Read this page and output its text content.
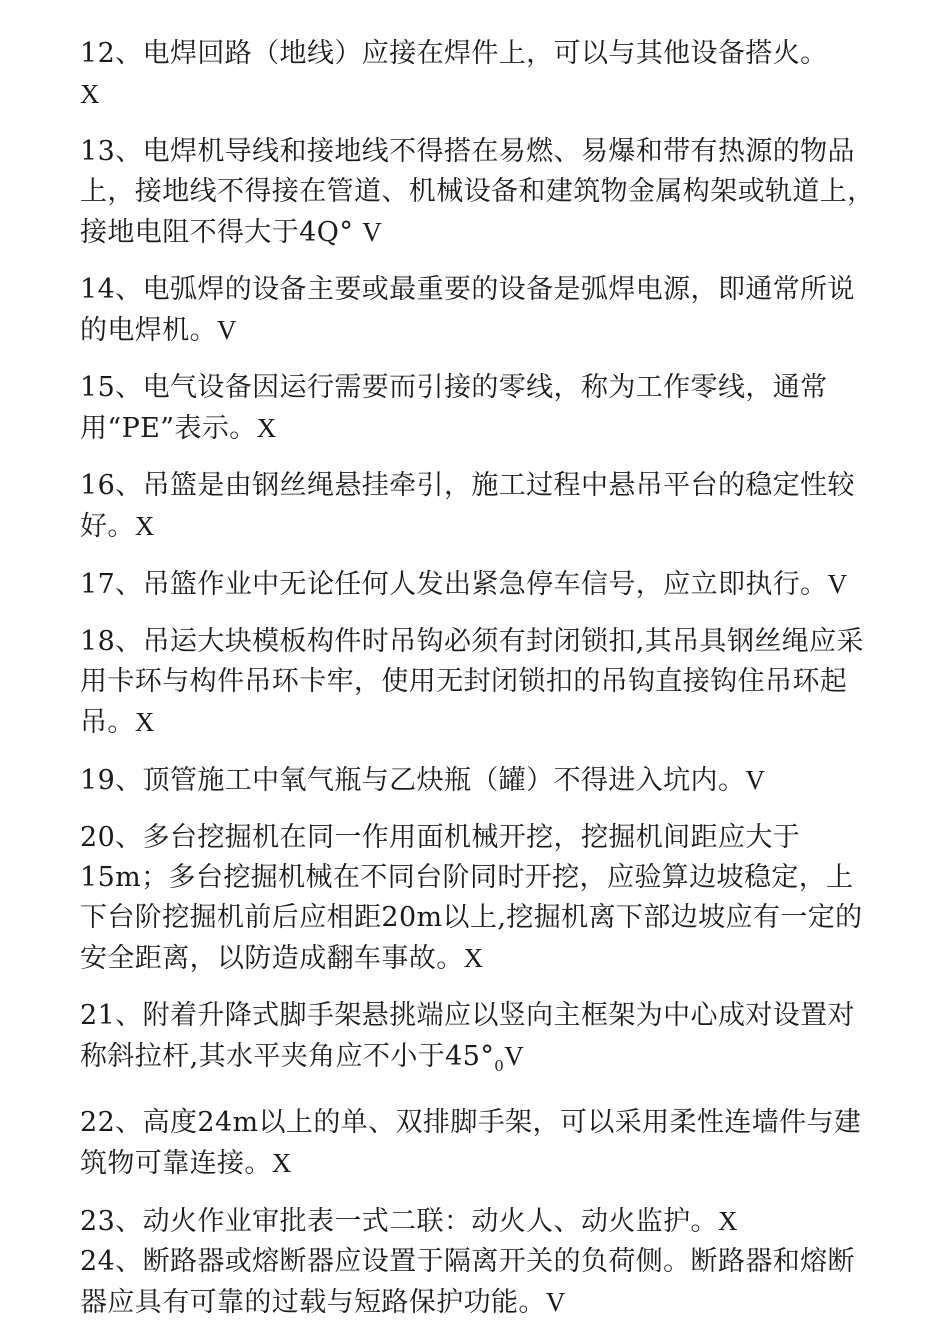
12、电焊回路（地线）应接在焊件上，可以与其他设备搭火。
X

13、电焊机导线和接地线不得搭在易燃、易爆和带有热源的物品上，接地线不得接在管道、机械设备和建筑物金属构架或轨道上，接地电阻不得大于4Q° V

14、电弧焊的设备主要或最重要的设备是弧焊电源，即通常所说的电焊机。V

15、电气设备因运行需要而引接的零线，称为工作零线，通常用“PE”表示。X

16、吊篮是由钢丝绳悬挂牵引，施工过程中悬吊平台的稳定性较好。X

17、吊篮作业中无论任何人发出紧急停车信号，应立即执行。V

18、吊运大块模板构件时吊钩必须有封闭锁扣,其吊具钢丝绳应采用卡环与构件吊环卡牢，使用无封闭锁扣的吊钩直接钩住吊环起吊。X

19、顶管施工中氧气瓶与乙炔瓶（罐）不得进入坑内。V

20、多台挖掘机在同一作用面机械开挖，挖掘机间距应大于15m；多台挖掘机械在不同台阶同时开挖，应验算边坡稳定，上下台阶挖掘机前后应相距20m以上,挖掘机离下部边坡应有一定的安全距离，以防造成翻车事故。X

21、附着升降式脚手架悬挑端应以竖向主框架为中心成对设置对称斜拉杆,其水平夹角应不小于$45^\circ_0V$

22、高度24m以上的单、双排脚手架，可以采用柔性连墙件与建筑物可靠连接。X

23、动火作业审批表一式二联：动火人、动火监护。X

24、断路器或熔断器应设置于隔离开关的负荷侧。断路器和熔断器应具有可靠的过载与短路保护功能。V
